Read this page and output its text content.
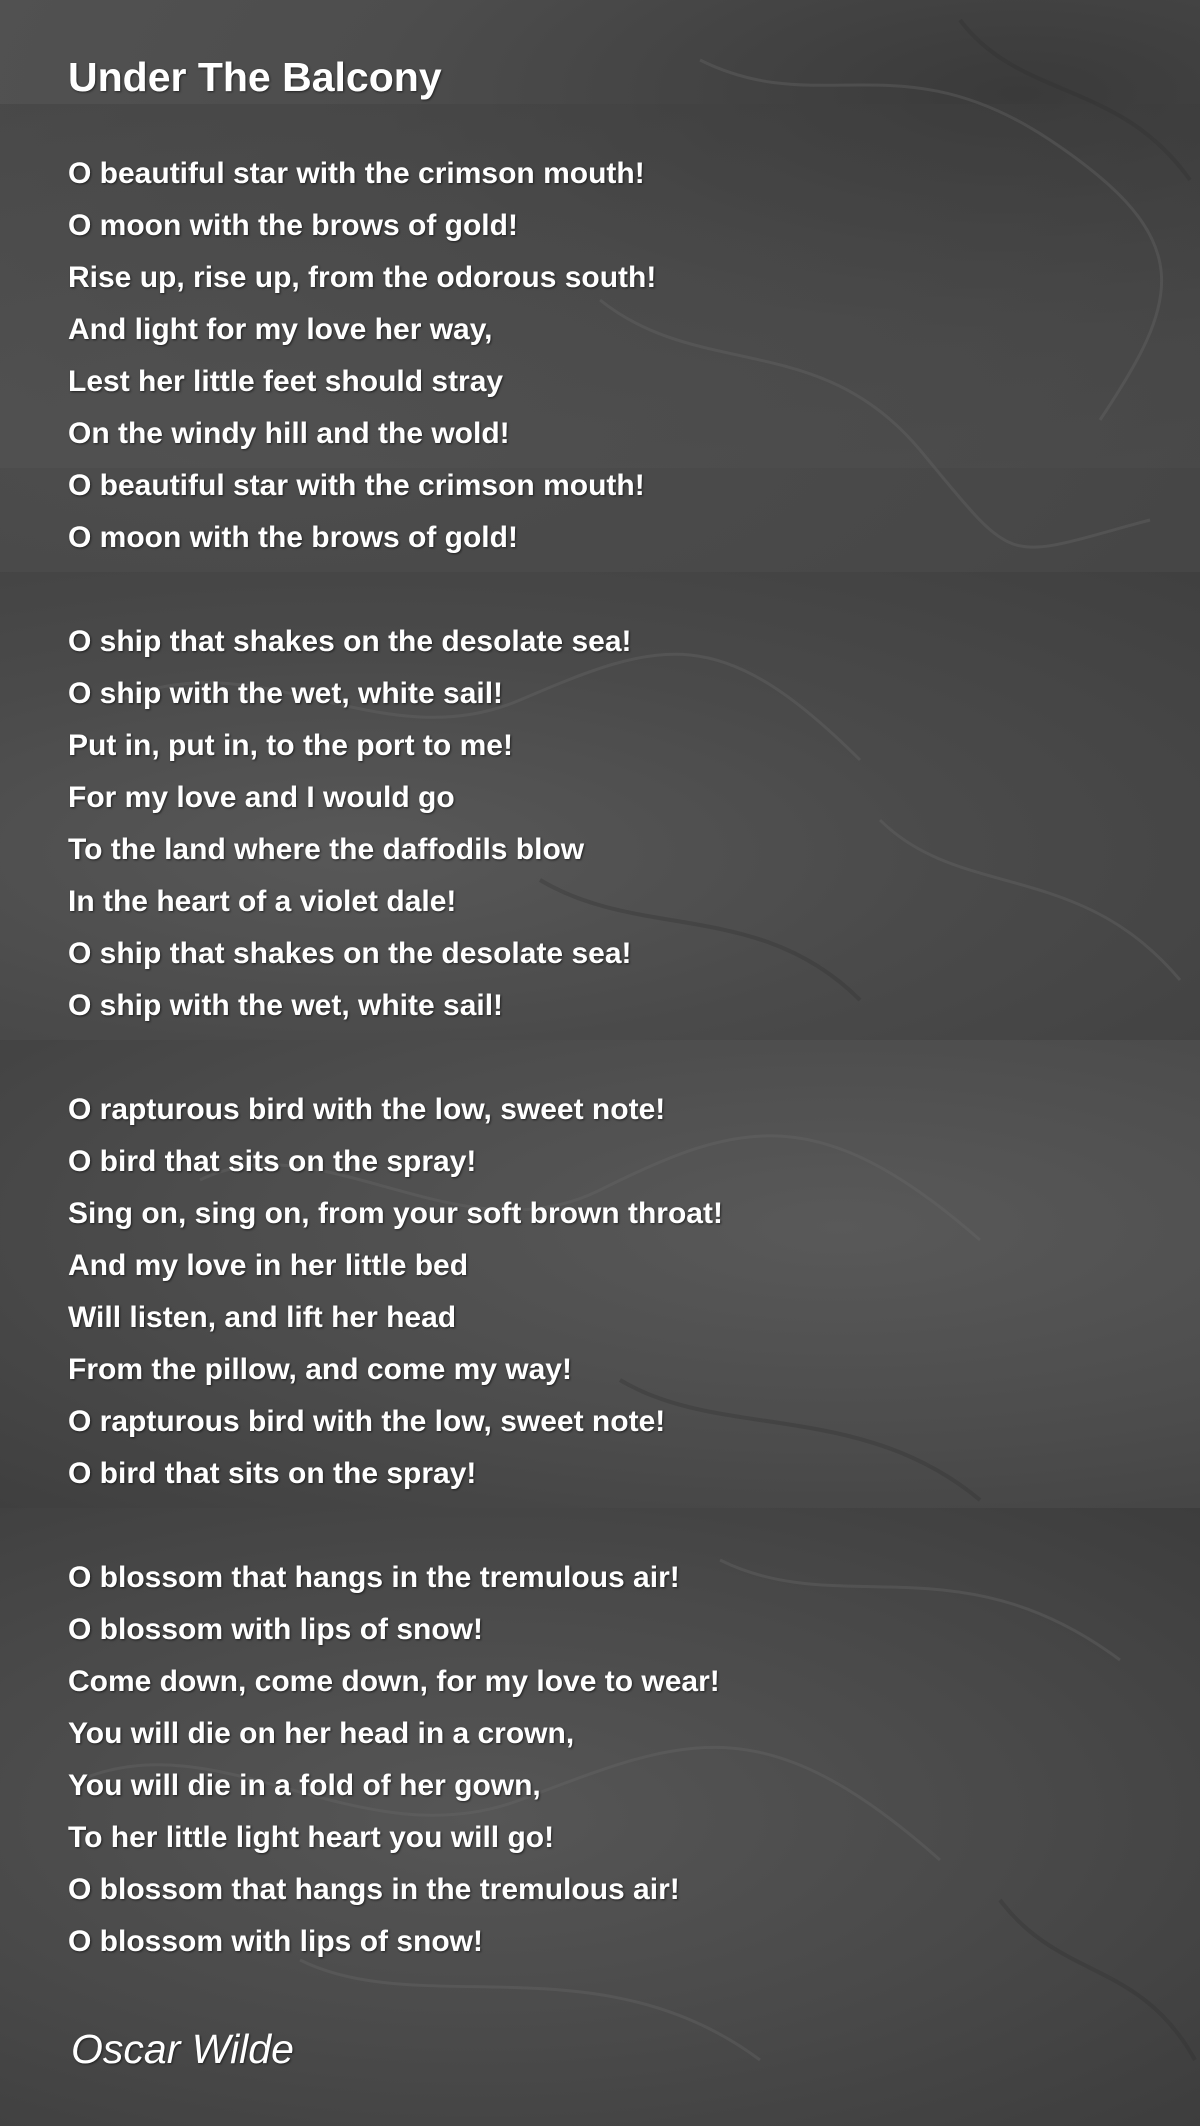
Under The Balcony
O beautiful star with the crimson mouth!
O moon with the brows of gold!
Rise up, rise up, from the odorous south!
And light for my love her way,
Lest her little feet should stray
On the windy hill and the wold!
O beautiful star with the crimson mouth!
O moon with the brows of gold!
O ship that shakes on the desolate sea!
O ship with the wet, white sail!
Put in, put in, to the port to me!
For my love and I would go
To the land where the daffodils blow
In the heart of a violet dale!
O ship that shakes on the desolate sea!
O ship with the wet, white sail!
O rapturous bird with the low, sweet note!
O bird that sits on the spray!
Sing on, sing on, from your soft brown throat!
And my love in her little bed
Will listen, and lift her head
From the pillow, and come my way!
O rapturous bird with the low, sweet note!
O bird that sits on the spray!
O blossom that hangs in the tremulous air!
O blossom with lips of snow!
Come down, come down, for my love to wear!
You will die on her head in a crown,
You will die in a fold of her gown,
To her little light heart you will go!
O blossom that hangs in the tremulous air!
O blossom with lips of snow!
Oscar Wilde
